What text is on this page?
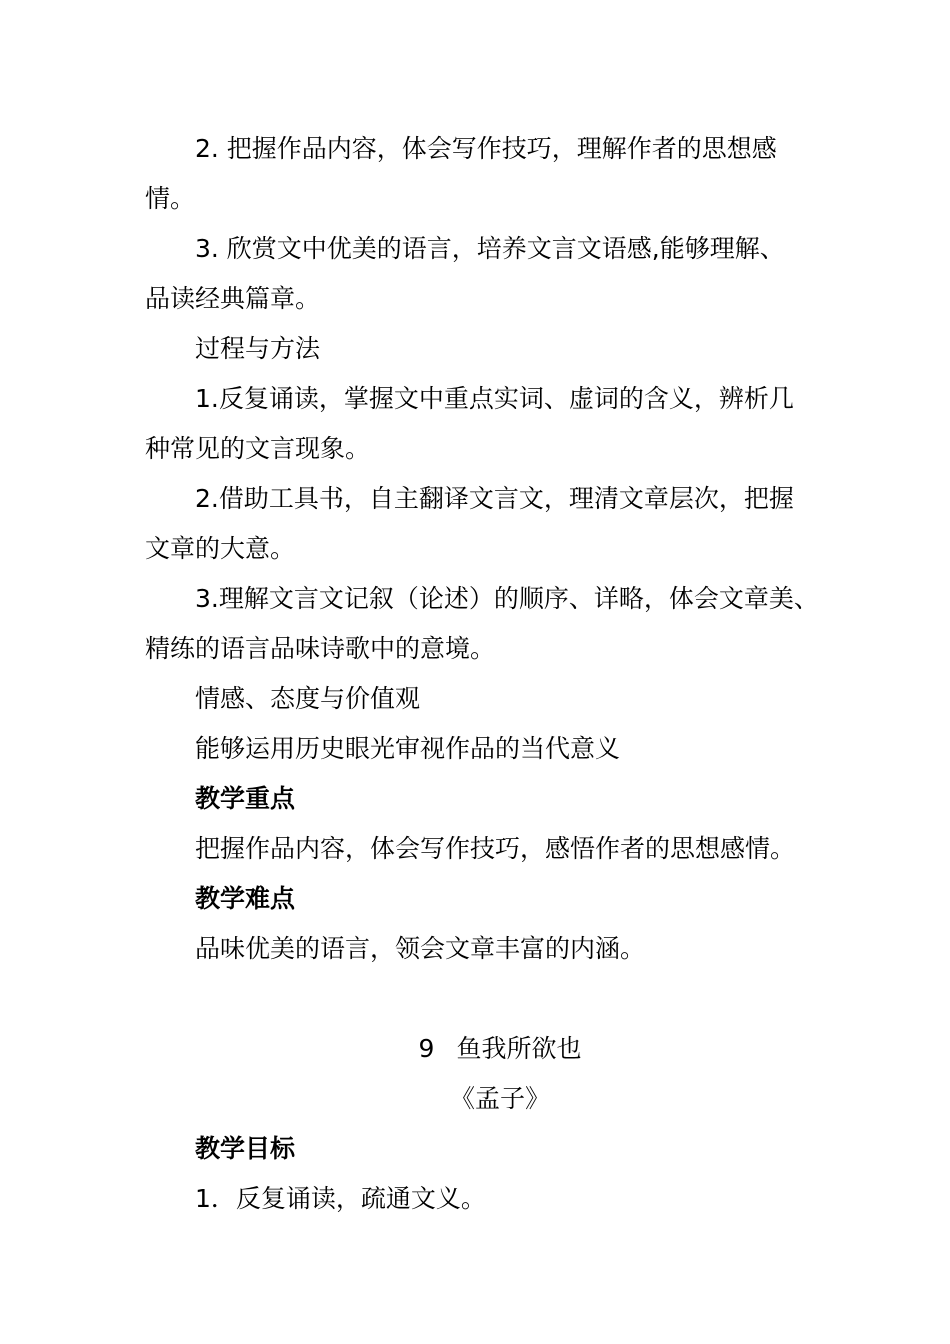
2. 把握作品内容，体会写作技巧，理解作者的思想感

情。

3. 欣赏文中优美的语言，培养文言文语感,能够理解、

品读经典篇章。

过程与方法

1.反复诵读，掌握文中重点实词、虚词的含义，辨析几

种常见的文言现象。

2.借助工具书，自主翻译文言文，理清文章层次，把握

文章的大意。

3.理解文言文记叙（论述）的顺序、详略，体会文章美、

精练的语言品味诗歌中的意境。

情感、态度与价值观

能够运用历史眼光审视作品的当代意义

教学重点

把握作品内容，体会写作技巧，感悟作者的思想感情。

教学难点

品味优美的语言，领会文章丰富的内涵。

9 鱼我所欲也

《孟子》

教学目标

1．反复诵读，疏通文义。
